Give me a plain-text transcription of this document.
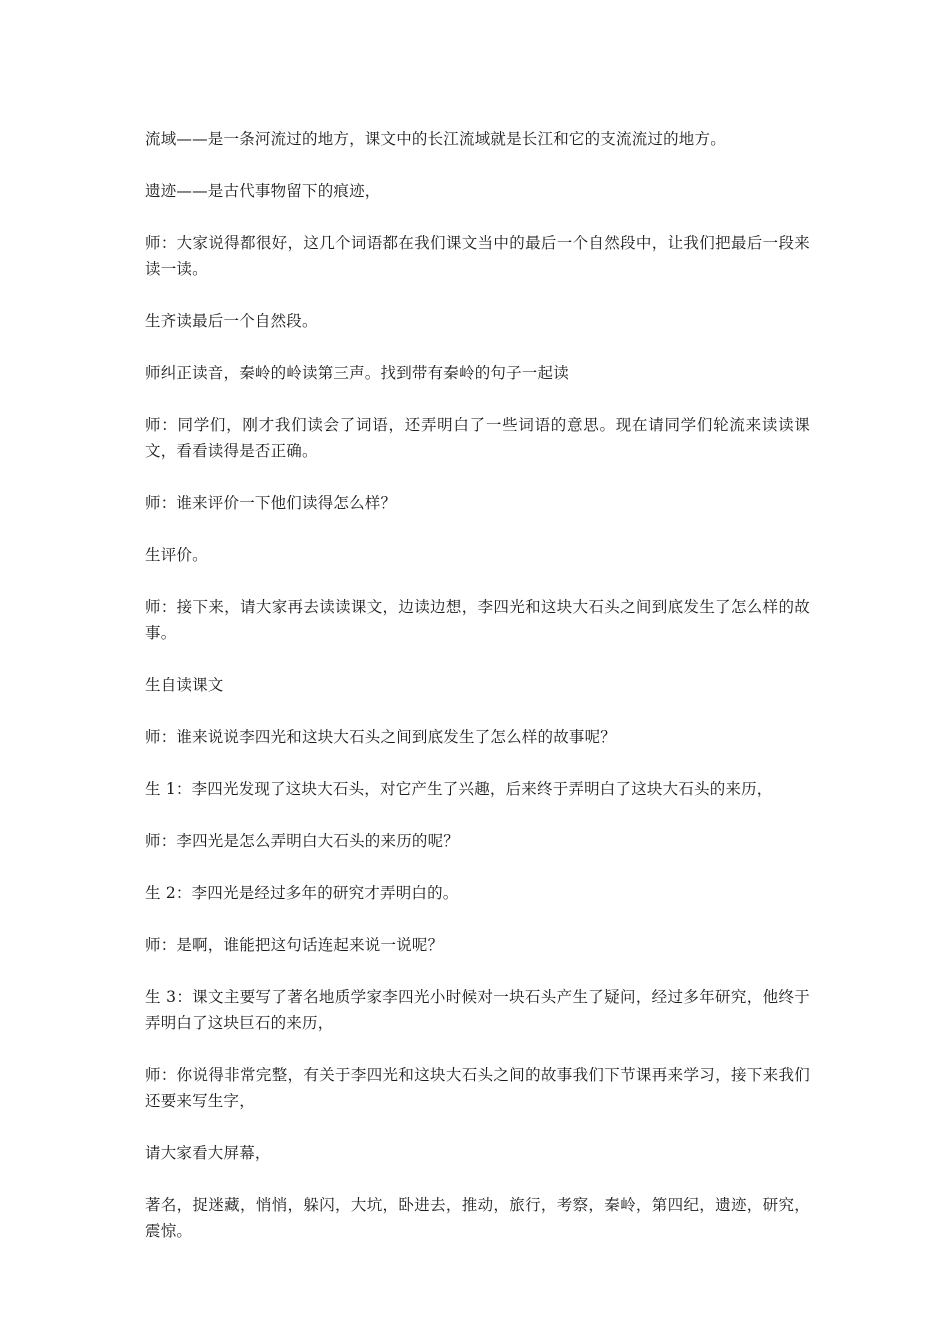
流域——是一条河流过的地方，课文中的长江流域就是长江和它的支流流过的地方。

遗迹——是古代事物留下的痕迹，

师：大家说得都很好，这几个词语都在我们课文当中的最后一个自然段中，让我们把最后一段来读一读。

生齐读最后一个自然段。

师纠正读音，秦岭的岭读第三声。找到带有秦岭的句子一起读

师：同学们，刚才我们读会了词语，还弄明白了一些词语的意思。现在请同学们轮流来读读课文，看看读得是否正确。

师：谁来评价一下他们读得怎么样？

生评价。

师：接下来，请大家再去读读课文，边读边想，李四光和这块大石头之间到底发生了怎么样的故事。

生自读课文

师：谁来说说李四光和这块大石头之间到底发生了怎么样的故事呢？

生 1：李四光发现了这块大石头，对它产生了兴趣，后来终于弄明白了这块大石头的来历，

师：李四光是怎么弄明白大石头的来历的呢？

生 2：李四光是经过多年的研究才弄明白的。

师：是啊，谁能把这句话连起来说一说呢？

生 3：课文主要写了著名地质学家李四光小时候对一块石头产生了疑问，经过多年研究，他终于弄明白了这块巨石的来历，

师：你说得非常完整，有关于李四光和这块大石头之间的故事我们下节课再来学习，接下来我们还要来写生字，

请大家看大屏幕，

著名，捉迷藏，悄悄，躲闪，大坑，卧进去，推动，旅行，考察，秦岭，第四纪，遗迹，研究，震惊。
